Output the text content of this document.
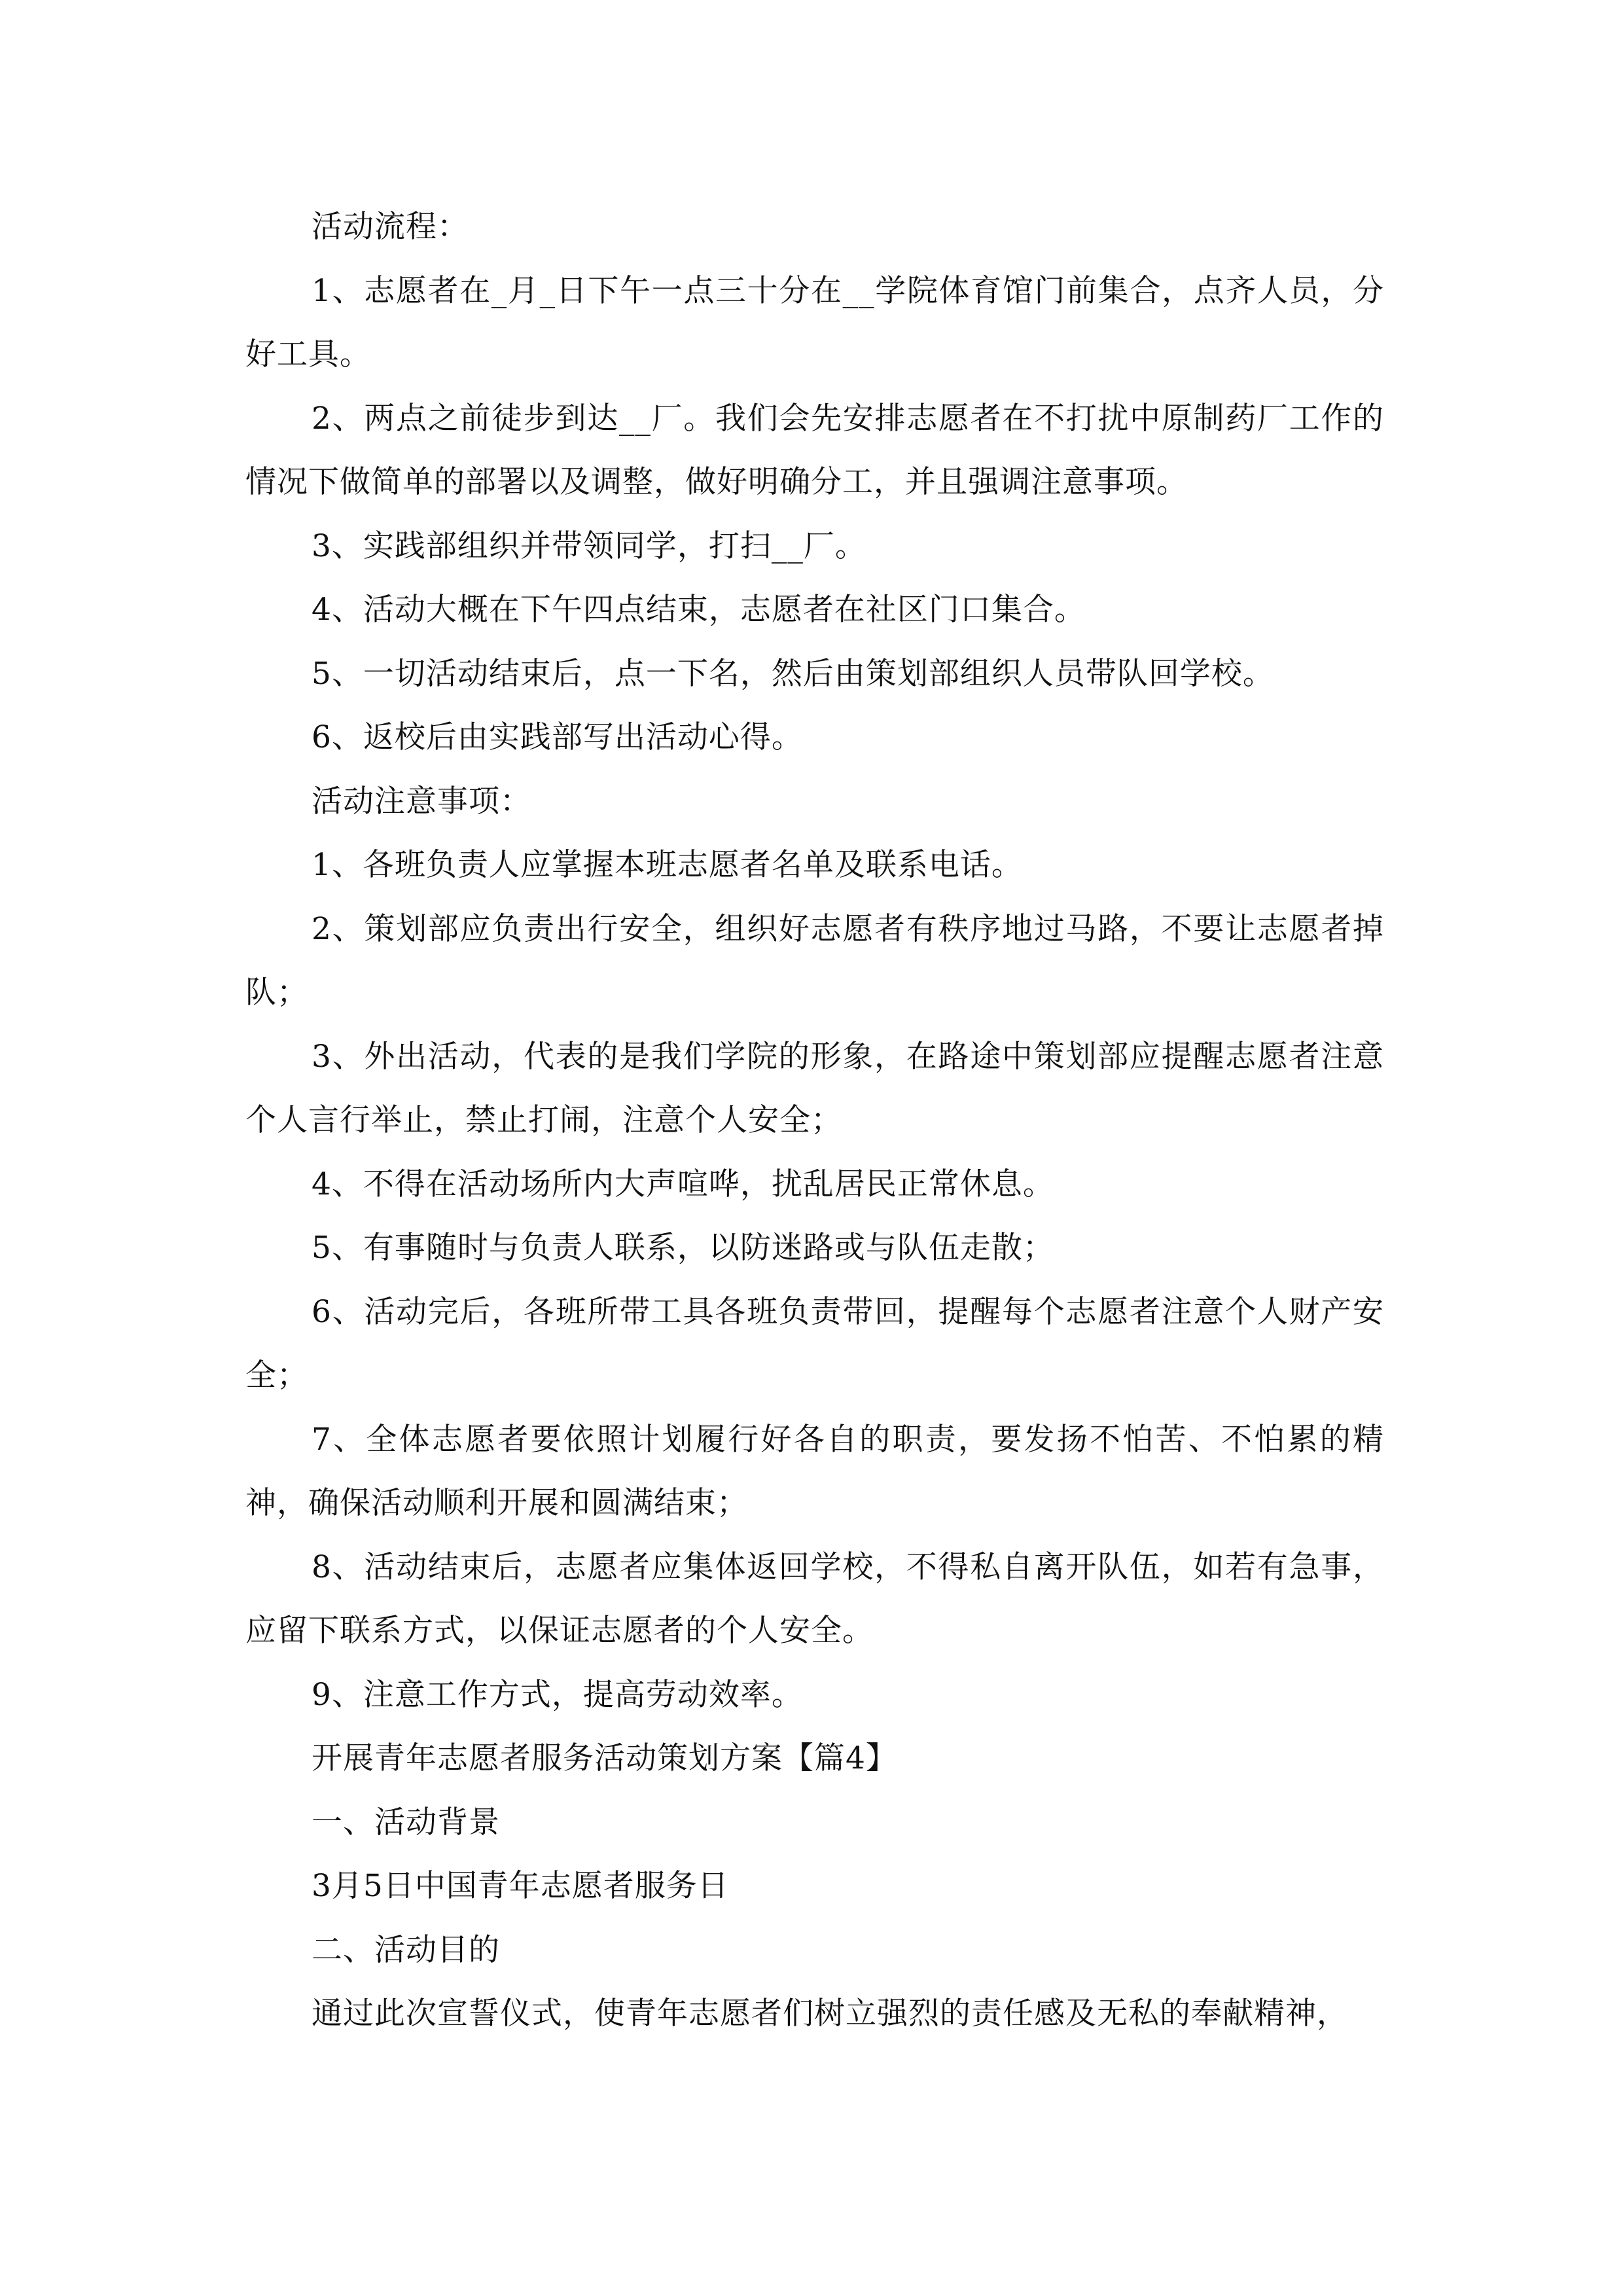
活动流程：

1、志愿者在_月_日下午一点三十分在__学院体育馆门前集合，点齐人员，分好工具。

2、两点之前徒步到达__厂。我们会先安排志愿者在不打扰中原制药厂工作的情况下做简单的部署以及调整，做好明确分工，并且强调注意事项。

3、实践部组织并带领同学，打扫__厂。

4、活动大概在下午四点结束，志愿者在社区门口集合。

5、一切活动结束后，点一下名，然后由策划部组织人员带队回学校。

6、返校后由实践部写出活动心得。

活动注意事项：

1、各班负责人应掌握本班志愿者名单及联系电话。

2、策划部应负责出行安全，组织好志愿者有秩序地过马路，不要让志愿者掉队；

3、外出活动，代表的是我们学院的形象，在路途中策划部应提醒志愿者注意个人言行举止，禁止打闹，注意个人安全；

4、不得在活动场所内大声喧哗，扰乱居民正常休息。

5、有事随时与负责人联系，以防迷路或与队伍走散；

6、活动完后，各班所带工具各班负责带回，提醒每个志愿者注意个人财产安全；

7、全体志愿者要依照计划履行好各自的职责，要发扬不怕苦、不怕累的精神，确保活动顺利开展和圆满结束；

8、活动结束后，志愿者应集体返回学校，不得私自离开队伍，如若有急事，应留下联系方式，以保证志愿者的个人安全。

9、注意工作方式，提高劳动效率。

开展青年志愿者服务活动策划方案【篇4】

一、活动背景

3月5日中国青年志愿者服务日

二、活动目的

通过此次宣誓仪式，使青年志愿者们树立强烈的责任感及无私的奉献精神，
